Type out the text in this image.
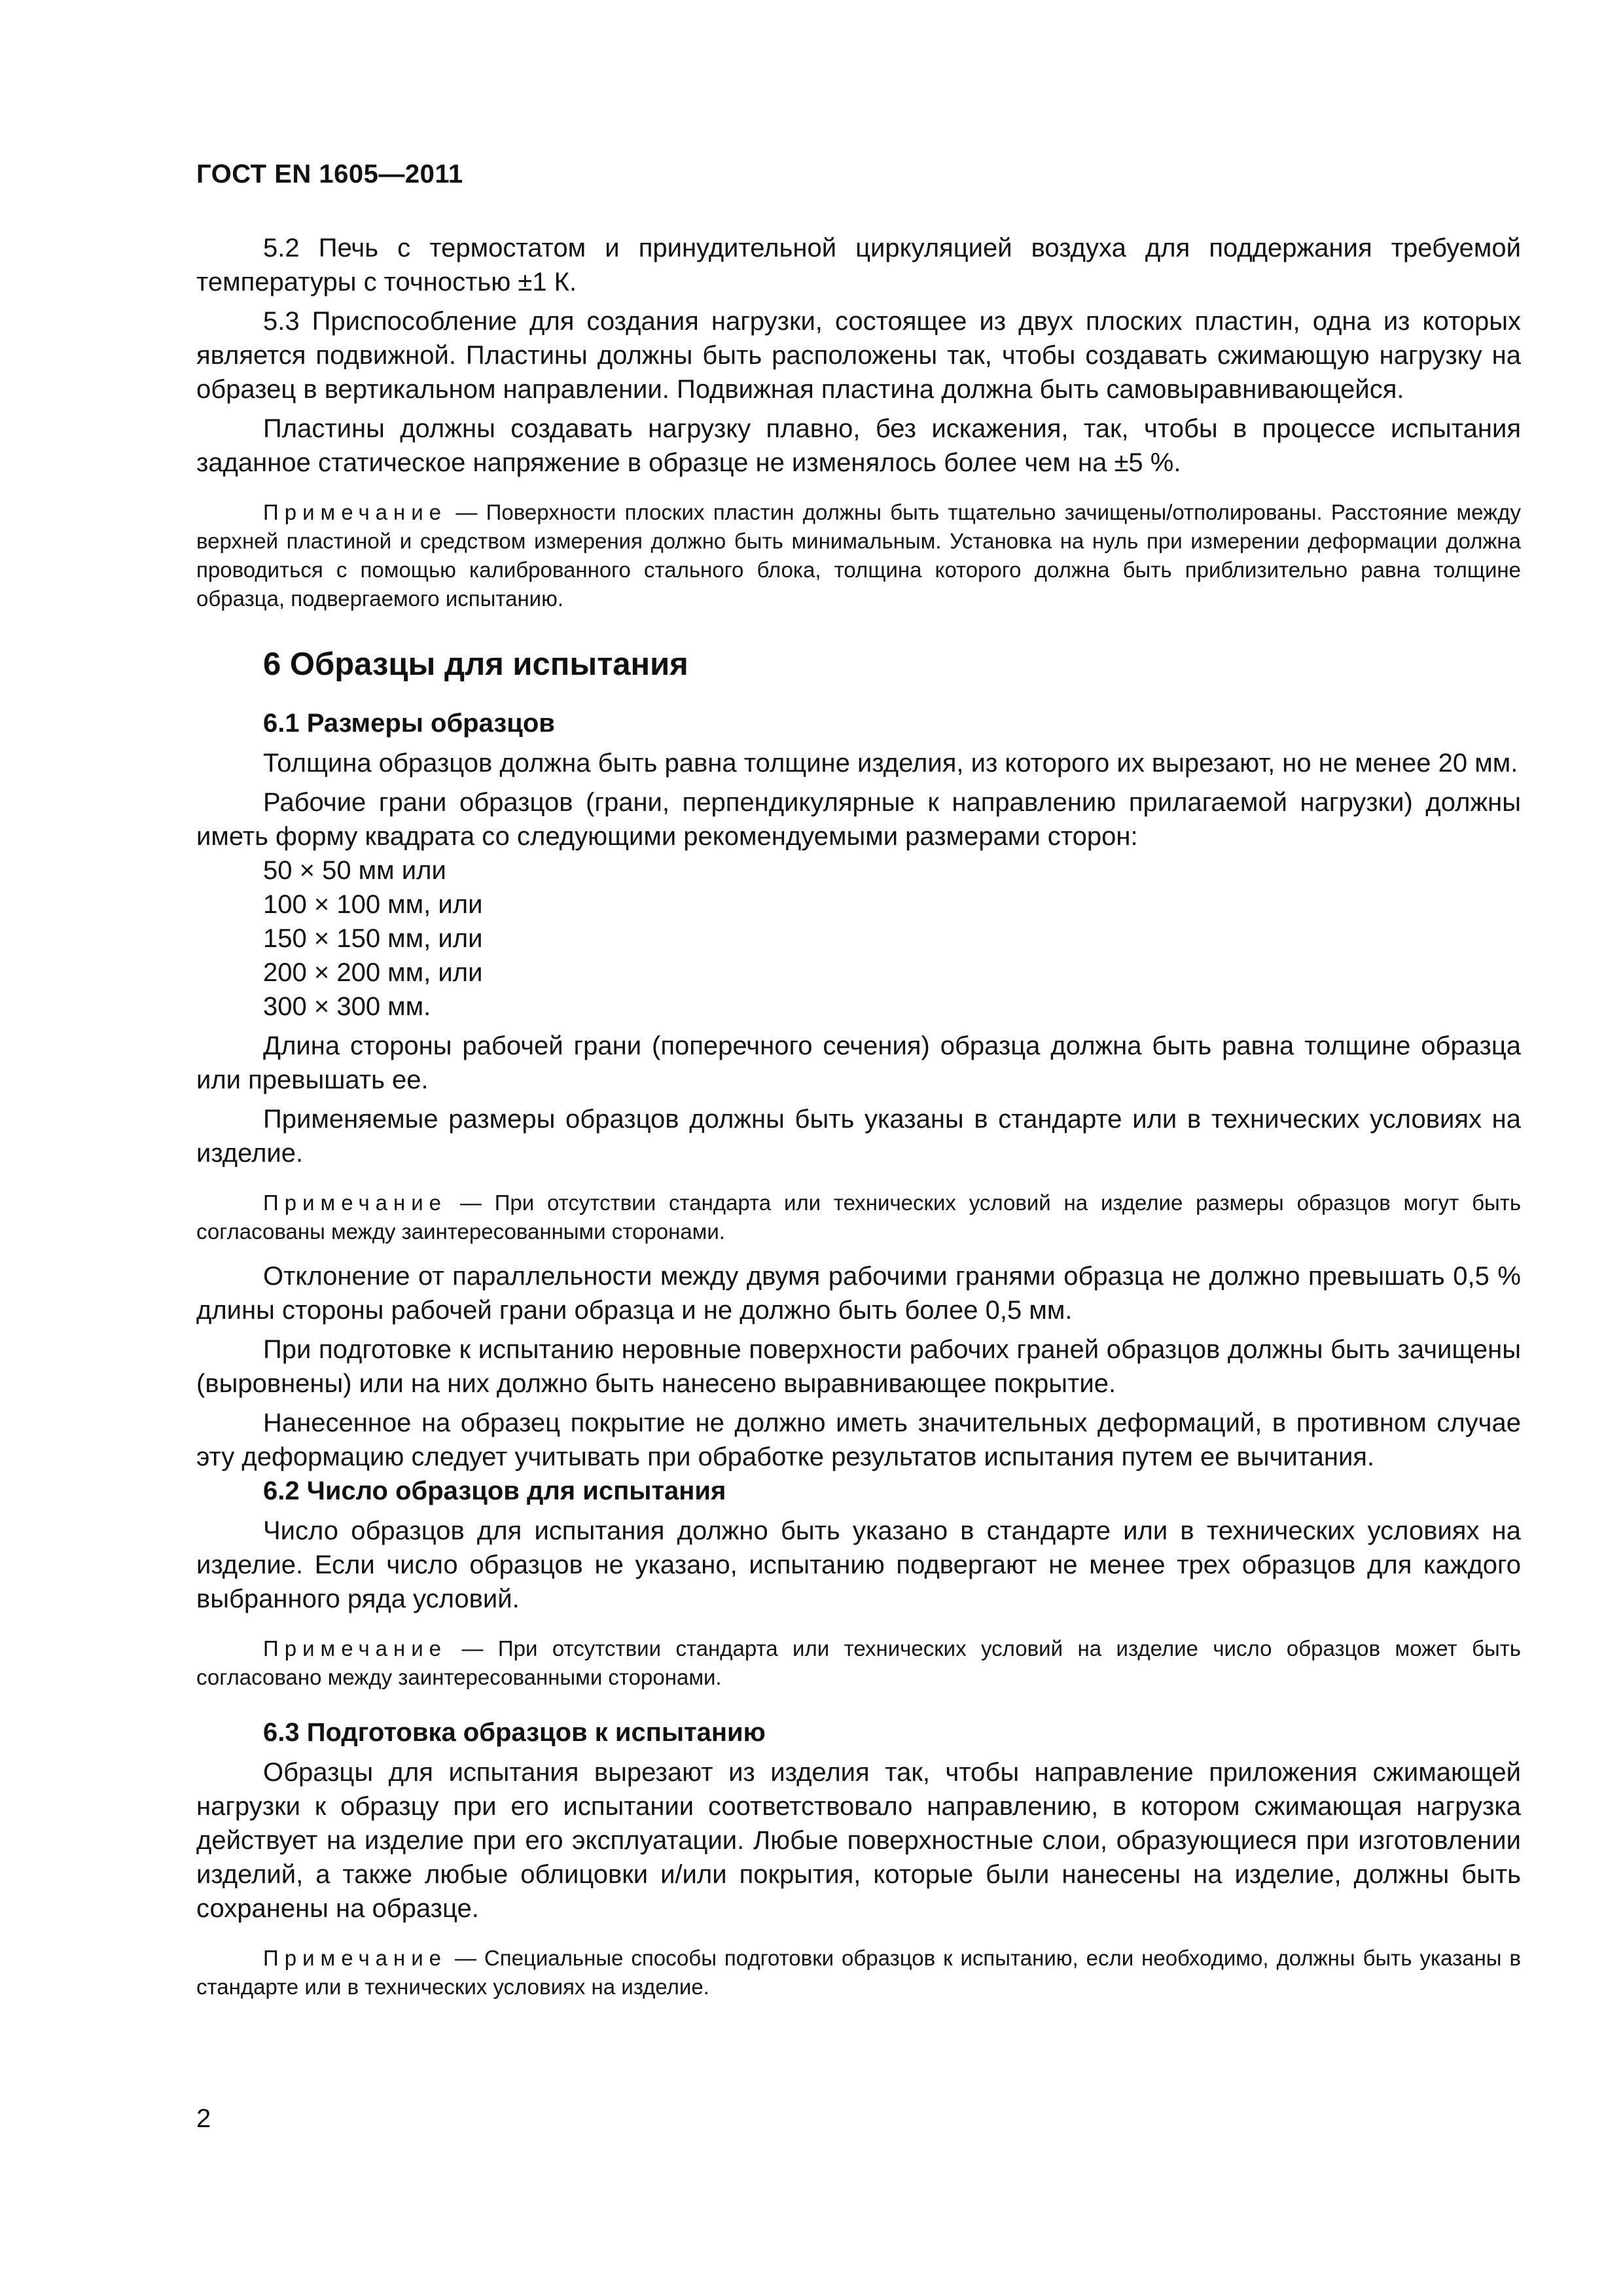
ГОСТ EN 1605—2011

5.2 Печь с термостатом и принудительной циркуляцией воздуха для поддержания требуемой температуры с точностью ±1 К.

5.3 Приспособление для создания нагрузки, состоящее из двух плоских пластин, одна из которых является подвижной. Пластины должны быть расположены так, чтобы создавать сжимающую нагрузку на образец в вертикальном направлении. Подвижная пластина должна быть самовыравнивающейся.

Пластины должны создавать нагрузку плавно, без искажения, так, чтобы в процессе испытания заданное статическое напряжение в образце не изменялось более чем на ±5 %.

Примечание — Поверхности плоских пластин должны быть тщательно зачищены/отполированы. Расстояние между верхней пластиной и средством измерения должно быть минимальным. Установка на нуль при измерении деформации должна проводиться с помощью калиброванного стального блока, толщина которого должна быть приблизительно равна толщине образца, подвергаемого испытанию.

6 Образцы для испытания
6.1 Размеры образцов

Толщина образцов должна быть равна толщине изделия, из которого их вырезают, но не менее 20 мм.

Рабочие грани образцов (грани, перпендикулярные к направлению прилагаемой нагрузки) должны иметь форму квадрата со следующими рекомендуемыми размерами сторон:

50 × 50 мм или
100 × 100 мм, или
150 × 150 мм, или
200 × 200 мм, или
300 × 300 мм.

Длина стороны рабочей грани (поперечного сечения) образца должна быть равна толщине образца или превышать ее.

Применяемые размеры образцов должны быть указаны в стандарте или в технических условиях на изделие.

Примечание — При отсутствии стандарта или технических условий на изделие размеры образцов могут быть согласованы между заинтересованными сторонами.

Отклонение от параллельности между двумя рабочими гранями образца не должно превышать 0,5 % длины стороны рабочей грани образца и не должно быть более 0,5 мм.

При подготовке к испытанию неровные поверхности рабочих граней образцов должны быть зачищены (выровнены) или на них должно быть нанесено выравнивающее покрытие.

Нанесенное на образец покрытие не должно иметь значительных деформаций, в противном случае эту деформацию следует учитывать при обработке результатов испытания путем ее вычитания.

6.2 Число образцов для испытания

Число образцов для испытания должно быть указано в стандарте или в технических условиях на изделие. Если число образцов не указано, испытанию подвергают не менее трех образцов для каждого выбранного ряда условий.

Примечание — При отсутствии стандарта или технических условий на изделие число образцов может быть согласовано между заинтересованными сторонами.

6.3 Подготовка образцов к испытанию

Образцы для испытания вырезают из изделия так, чтобы направление приложения сжимающей нагрузки к образцу при его испытании соответствовало направлению, в котором сжимающая нагрузка действует на изделие при его эксплуатации. Любые поверхностные слои, образующиеся при изготовлении изделий, а также любые облицовки и/или покрытия, которые были нанесены на изделие, должны быть сохранены на образце.

Примечание — Специальные способы подготовки образцов к испытанию, если необходимо, должны быть указаны в стандарте или в технических условиях на изделие.

2
